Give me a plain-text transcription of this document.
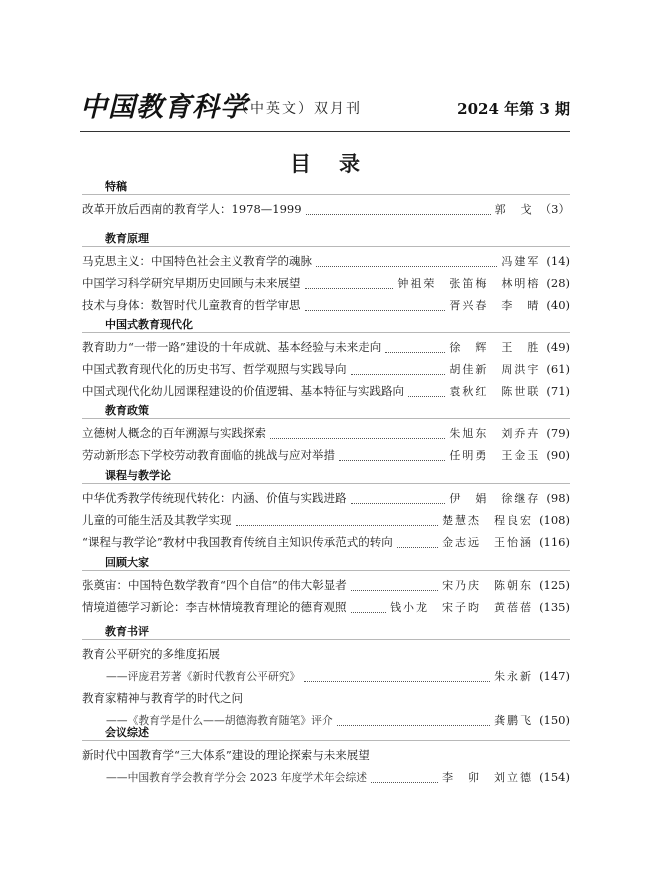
中国教育科学
（中英文）双月刊	2024 年第 3 期
目录
特稿
改革开放后西南的教育学人：1978—1999	郭　戈 （3）
教育原理
马克思主义：中国特色社会主义教育学的魂脉	冯建军 (14)
中国学习科学研究早期历史回顾与未来展望	钟祖荣　张笛梅　林明榕 (28)
技术与身体：数智时代儿童教育的哲学审思	胥兴春　李　晴 (40)
中国式教育现代化
教育助力“一带一路”建设的十年成就、基本经验与未来走向	徐　辉　王　胜 (49)
中国式教育现代化的历史书写、哲学观照与实践导向	胡佳新　周洪宇 (61)
中国式现代化幼儿园课程建设的价值逻辑、基本特征与实践路向	袁秋红　陈世联 (71)
教育政策
立德树人概念的百年溯源与实践探索	朱旭东　刘乔卉 (79)
劳动新形态下学校劳动教育面临的挑战与应对举措	任明勇　王金玉 (90)
课程与教学论
中华优秀教学传统现代转化：内涵、价值与实践进路	伊　娟　徐继存 (98)
儿童的可能生活及其教学实现	楚慧杰　程良宏 (108)
“课程与教学论”教材中我国教育传统自主知识传承范式的转向	金志远　王怡涵 (116)
回顾大家
张奠宙：中国特色数学教育“四个自信”的伟大彰显者	宋乃庆　陈朝东 (125)
情境道德学习新论：李吉林情境教育理论的德育观照	钱小龙　宋子昀　黄蓓蓓 (135)
教育书评
教育公平研究的多维度拓展
——评庞君芳著《新时代教育公平研究》	朱永新 (147)
教育家精神与教育学的时代之问
——《教育学是什么——胡德海教育随笔》评介	龚鹏飞 (150)
会议综述
新时代中国教育学“三大体系”建设的理论探索与未来展望
——中国教育学会教育学分会 2023 年度学术年会综述	李　卯　刘立德 (154)
